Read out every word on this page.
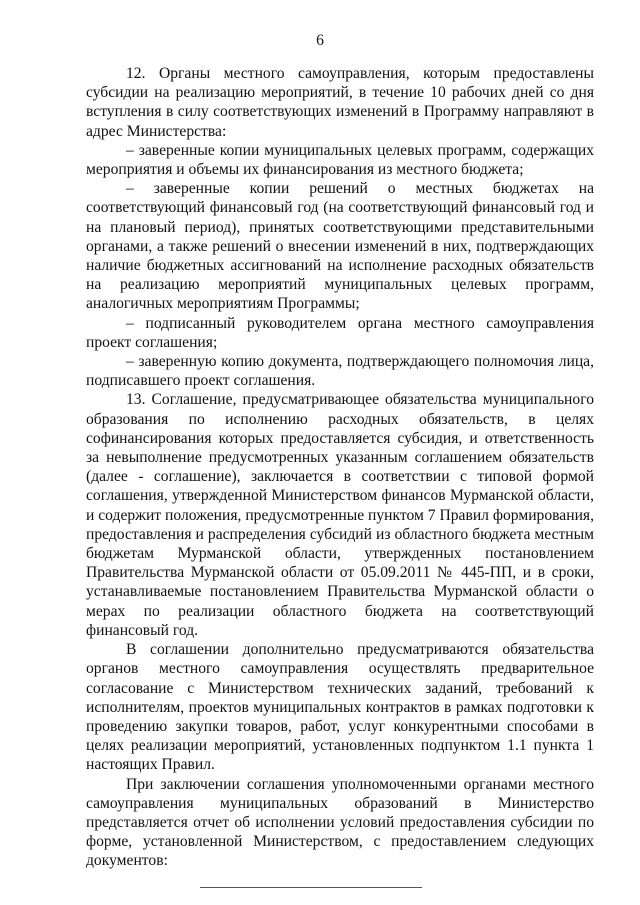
6

12. Органы местного самоуправления, которым предоставлены субсидии на реализацию мероприятий, в течение 10 рабочих дней со дня вступления в силу соответствующих изменений в Программу направляют в адрес Министерства:

– заверенные копии муниципальных целевых программ, содержащих мероприятия и объемы их финансирования из местного бюджета;

– заверенные копии решений о местных бюджетах на соответствующий финансовый год (на соответствующий финансовый год и на плановый период), принятых соответствующими представительными органами, а также решений о внесении изменений в них, подтверждающих наличие бюджетных ассигнований на исполнение расходных обязательств на реализацию мероприятий муниципальных целевых программ, аналогичных мероприятиям Программы;

– подписанный руководителем органа местного самоуправления проект соглашения;

– заверенную копию документа, подтверждающего полномочия лица, подписавшего проект соглашения.

13. Соглашение, предусматривающее обязательства муниципального образования по исполнению расходных обязательств, в целях софинансирования которых предоставляется субсидия, и ответственность за невыполнение предусмотренных указанным соглашением обязательств (далее - соглашение), заключается в соответствии с типовой формой соглашения, утвержденной Министерством финансов Мурманской области, и содержит положения, предусмотренные пунктом 7 Правил формирования, предоставления и распределения субсидий из областного бюджета местным бюджетам Мурманской области, утвержденных постановлением Правительства Мурманской области от 05.09.2011 № 445-ПП, и в сроки, устанавливаемые постановлением Правительства Мурманской области о мерах по реализации областного бюджета на соответствующий финансовый год.

В соглашении дополнительно предусматриваются обязательства органов местного самоуправления осуществлять предварительное согласование с Министерством технических заданий, требований к исполнителям, проектов муниципальных контрактов в рамках подготовки к проведению закупки товаров, работ, услуг конкурентными способами в целях реализации мероприятий, установленных подпунктом 1.1 пункта 1 настоящих Правил.

При заключении соглашения уполномоченными органами местного самоуправления муниципальных образований в Министерство представляется отчет об исполнении условий предоставления субсидии по форме, установленной Министерством, с предоставлением следующих документов:
